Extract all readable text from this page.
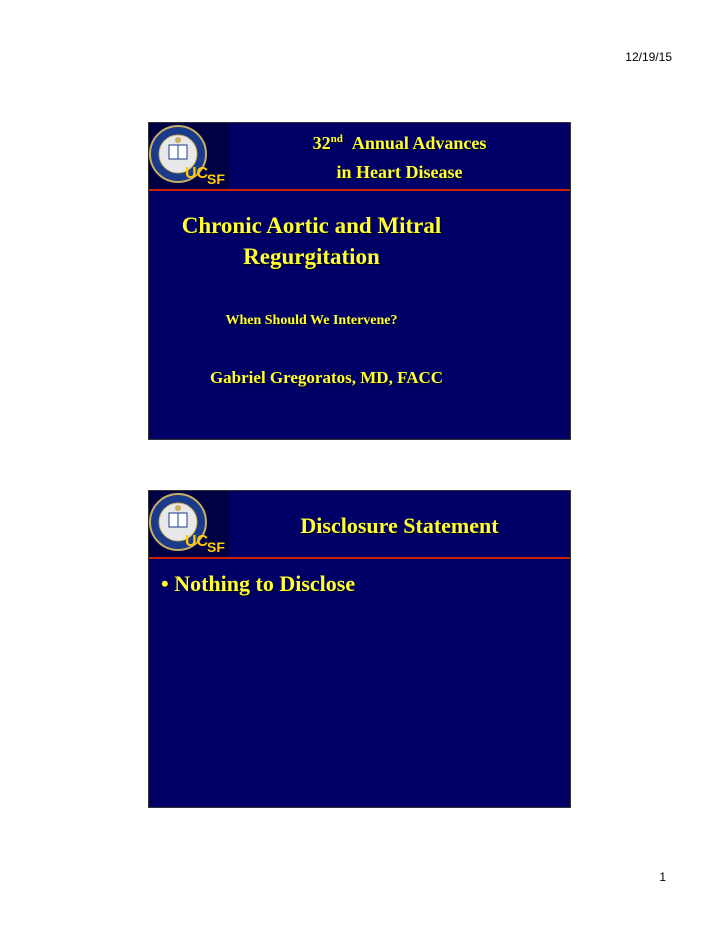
12/19/15
UC
SF
32nd Annual Advances
in Heart Disease
Chronic Aortic and Mitral
Regurgitation
When Should We Intervene?
Gabriel Gregoratos, MD, FACC
UC
SF
Disclosure Statement
• Nothing to Disclose
1
